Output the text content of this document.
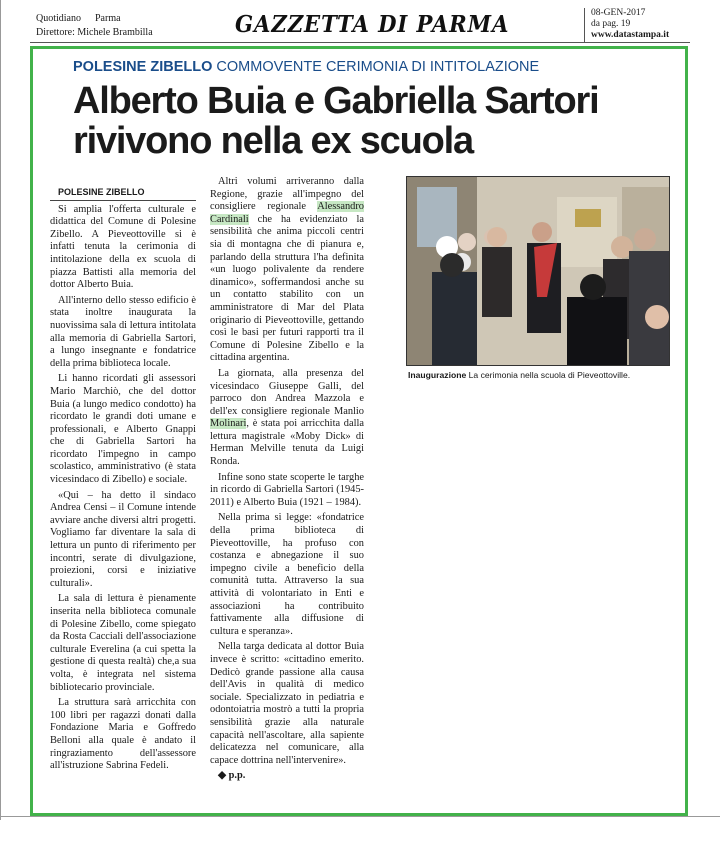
Quotidiano Parma
Direttore: Michele Brambilla	GAZZETTA DI PARMA	08-GEN-2017
da pag. 19
www.datastampa.it
POLESINE ZIBELLO COMMOVENTE CERIMONIA DI INTITOLAZIONE
Alberto Buia e Gabriella Sartori
rivivono nella ex scuola

POLESINE ZIBELLO

Si amplia l'offerta culturale e didattica del Comune di Polesine Zibello. A Pieveottoville si è infatti tenuta la cerimonia di intitolazione della ex scuola di piazza Battisti alla memoria del dottor Alberto Buia.

All'interno dello stesso edificio è stata inoltre inaugurata la nuovissima sala di lettura intitolata alla memoria di Gabriella Sartori, a lungo insegnante e fondatrice della prima biblioteca locale.

Li hanno ricordati gli assessori Mario Marchiò, che del dottor Buia (a lungo medico condotto) ha ricordato le grandi doti umane e professionali, e Alberto Gnappi che di Gabriella Sartori ha ricordato l'impegno in campo scolastico, amministrativo (è stata vicesindaco di Zibello) e sociale.

«Qui – ha detto il sindaco Andrea Censi – il Comune intende avviare anche diversi altri progetti. Vogliamo far diventare la sala di lettura un punto di riferimento per incontri, serate di divulgazione, proiezioni, corsi e iniziative culturali».

La sala di lettura è pienamente inserita nella biblioteca comunale di Polesine Zibello, come spiegato da Rosta Cacciali dell'associazione culturale Everelina (a cui spetta la gestione di questa realtà) che,a sua volta, è integrata nel sistema bibliotecario provinciale.

La struttura sarà arricchita con 100 libri per ragazzi donati dalla Fondazione Maria e Goffredo Belloni alla quale è andato il ringraziamento dell'assessore all'istruzione Sabrina Fedeli.

Altri volumi arriveranno dalla Regione, grazie all'impegno del consigliere regionale Alessandro Cardinali che ha evidenziato la sensibilità che anima piccoli centri sia di montagna che di pianura e, parlando della struttura l'ha definita «un luogo polivalente da rendere dinamico», soffermandosi anche su un contatto stabilito con un amministratore di Mar del Plata originario di Pieveottoville, gettando così le basi per futuri rapporti tra il Comune di Polesine Zibello e la cittadina argentina.

La giornata, alla presenza del vicesindaco Giuseppe Galli, del parroco don Andrea Mazzola e dell'ex consigliere regionale Manlio Molinari, è stata poi arricchita dalla lettura magistrale «Moby Dick» di Herman Melville tenuta da Luigi Ronda.

Infine sono state scoperte le targhe in ricordo di Gabriella Sartori (1945-2011) e Alberto Buia (1921 – 1984).

Nella prima si legge: «fondatrice della prima biblioteca di Pieveottoville, ha profuso con costanza e abnegazione il suo impegno civile a beneficio della comunità tutta. Attraverso la sua attività di volontariato in Enti e associazioni ha contribuito fattivamente alla diffusione di cultura e speranza».

Nella targa dedicata al dottor Buia invece è scritto: «cittadino emerito. Dedicò grande passione alla causa dell'Avis in qualità di medico sociale. Specializzato in pediatria e odontoiatria mostrò a tutti la propria sensibilità grazie alla naturale capacità nell'ascoltare, alla sapiente delicatezza nel comunicare, alla capace dottrina nell'intervenire».

◆ p.p.

Inaugurazione La cerimonia nella scuola di Pieveottoville.
